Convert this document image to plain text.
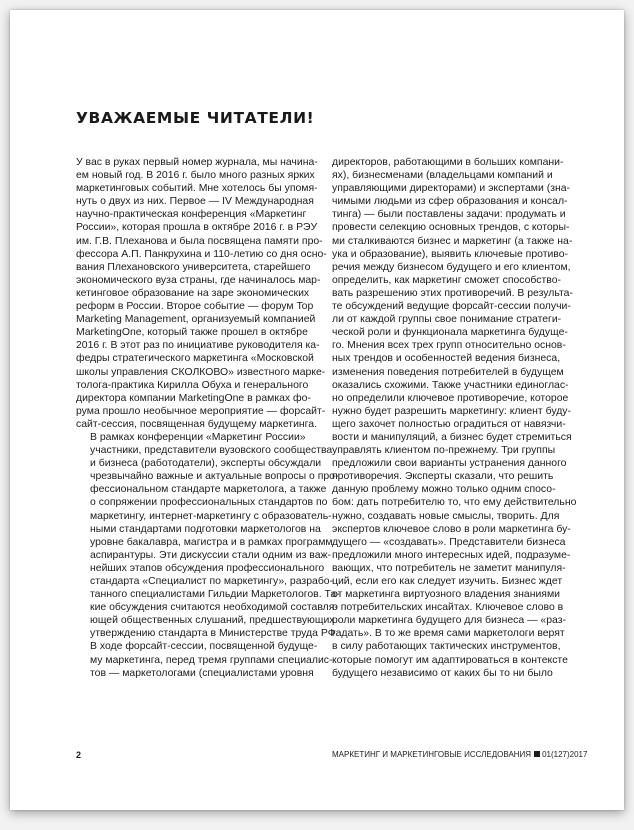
УВАЖАЕМЫЕ ЧИТАТЕЛИ!

У вас в руках первый номер журнала, мы начина-
ем новый год. В 2016 г. было много разных ярких
маркетинговых событий. Мне хотелось бы упомя-
нуть о двух из них. Первое — IV Международная
научно-практическая конференция «Маркетинг
России», которая прошла в октябре 2016 г. в РЭУ
им. Г.В. Плеханова и была посвящена памяти про-
фессора А.П. Панкрухина и 110-летию со дня осно-
вания Плехановского университета, старейшего
экономического вуза страны, где начиналось мар-
кетинговое образование на заре экономических
реформ в России. Второе событие — форум Top
Marketing Management, организуемый компанией
MarketingOne, который также прошел в октябре
2016 г. В этот раз по инициативе руководителя ка-
федры стратегического маркетинга «Московской
школы управления СКОЛКОВО» известного марке-
толога-практика Кирилла Обуха и генерального
директора компании MarketingOne в рамках фо-
рума прошло необычное мероприятие — форсайт-
сайт-сессия, посвященная будущему маркетинга.

В рамках конференции «Маркетинг России»
участники, представители вузовского сообщества
и бизнеса (работодатели), эксперты обсуждали
чрезвычайно важные и актуальные вопросы о про-
фессиональном стандарте маркетолога, а также
о сопряжении профессиональных стандартов по
маркетингу, интернет-маркетингу с образователь-
ными стандартами подготовки маркетологов на
уровне бакалавра, магистра и в рамках программ
аспирантуры. Эти дискуссии стали одним из важ-
нейших этапов обсуждения профессионального
стандарта «Специалист по маркетингу», разрабо-
танного специалистами Гильдии Маркетологов. Та-
кие обсуждения считаются необходимой составля-
ющей общественных слушаний, предшествующих
утверждению стандарта в Министерстве труда РФ.

В ходе форсайт-сессии, посвященной будуще-
му маркетинга, перед тремя группами специалис-
тов — маркетологами (специалистами уровня

директоров, работающими в больших компани-
ях), бизнесменами (владельцами компаний и
управляющими директорами) и экспертами (зна-
чимыми людьми из сфер образования и консал-
тинга) — были поставлены задачи: продумать и
провести селекцию основных трендов, с которы-
ми сталкиваются бизнес и маркетинг (а также на-
ука и образование), выявить ключевые противо-
речия между бизнесом будущего и его клиентом,
определить, как маркетинг сможет способство-
вать разрешению этих противоречий. В результа-
те обсуждений ведущие форсайт-сессии получи-
ли от каждой группы свое понимание стратеги-
ческой роли и функционала маркетинга будуще-
го. Мнения всех трех групп относительно основ-
ных трендов и особенностей ведения бизнеса,
изменения поведения потребителей в будущем
оказались схожими. Также участники единоглас-
но определили ключевое противоречие, которое
нужно будет разрешить маркетингу: клиент буду-
щего захочет полностью оградиться от навязчи-
вости и манипуляций, а бизнес будет стремиться
управлять клиентом по-прежнему. Три группы
предложили свои варианты устранения данного
противоречия. Эксперты сказали, что решить
данную проблему можно только одним спосо-
бом: дать потребителю то, что ему действительно
нужно, создавать новые смыслы, творить. Для
экспертов ключевое слово в роли маркетинга бу-
дущего — «создавать». Представители бизнеса
предложили много интересных идей, подразуме-
вающих, что потребитель не заметит манипуля-
ций, если его как следует изучить. Бизнес ждет
от маркетинга виртуозного владения знаниями
о потребительских инсайтах. Ключевое слово в
роли маркетинга будущего для бизнеса — «раз-
гадать». В то же время сами маркетологи верят
в силу работающих тактических инструментов,
которые помогут им адаптироваться в контексте
будущего независимо от каких бы то ни было

2	МАРКЕТИНГ И МАРКЕТИНГОВЫЕ ИССЛЕДОВАНИЯ 01(127)2017
